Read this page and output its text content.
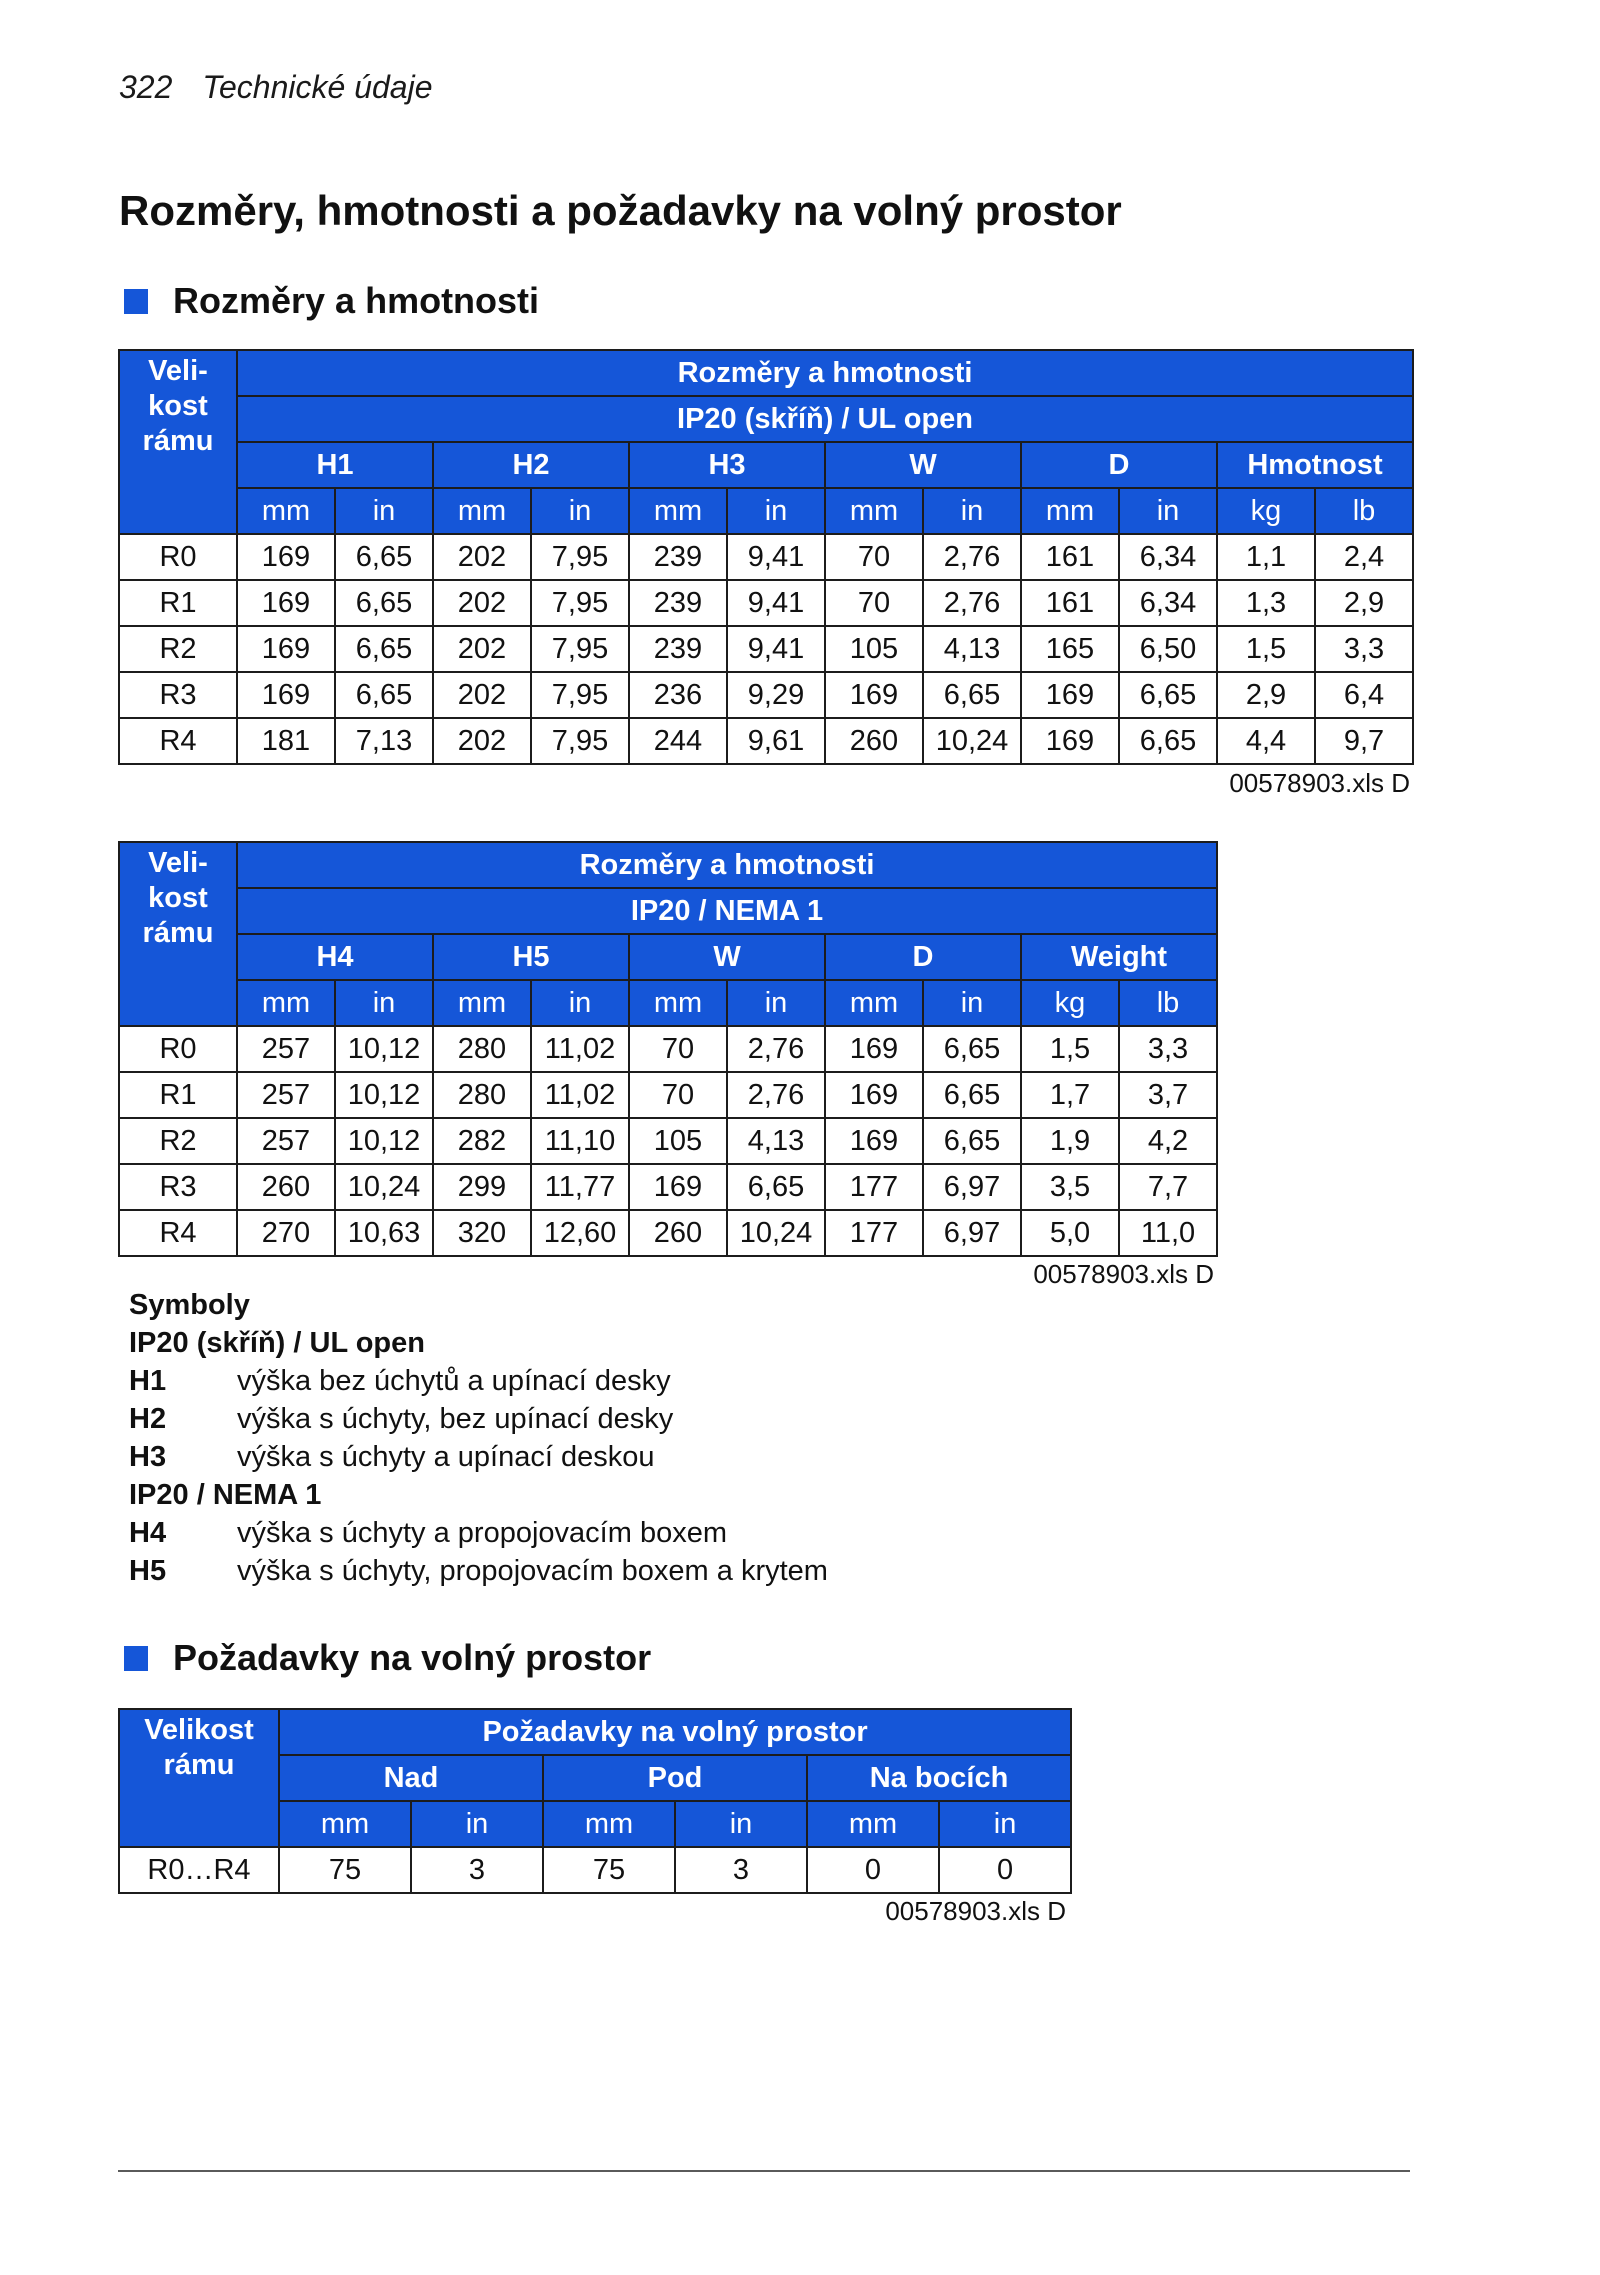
322 Technické údaje
Rozměry, hmotnosti a požadavky na volný prostor
Rozměry a hmotnosti
Veli-
kost
rámu	Rozměry a hmotnosti											
	IP20 (skříň) / UL open											
	H1		H2		H3		W		D		Hmotnost	
	mm	in	mm	in	mm	in	mm	in	mm	in	kg	lb
R0	169	6,65	202	7,95	239	9,41	70	2,76	161	6,34	1,1	2,4
R1	169	6,65	202	7,95	239	9,41	70	2,76	161	6,34	1,3	2,9
R2	169	6,65	202	7,95	239	9,41	105	4,13	165	6,50	1,5	3,3
R3	169	6,65	202	7,95	236	9,29	169	6,65	169	6,65	2,9	6,4
R4	181	7,13	202	7,95	244	9,61	260	10,24	169	6,65	4,4	9,7
00578903.xls D
Veli-
kost
rámu	Rozměry a hmotnosti									
	IP20 / NEMA 1									
	H4		H5		W		D		Weight	
	mm	in	mm	in	mm	in	mm	in	kg	lb
R0	257	10,12	280	11,02	70	2,76	169	6,65	1,5	3,3
R1	257	10,12	280	11,02	70	2,76	169	6,65	1,7	3,7
R2	257	10,12	282	11,10	105	4,13	169	6,65	1,9	4,2
R3	260	10,24	299	11,77	169	6,65	177	6,97	3,5	7,7
R4	270	10,63	320	12,60	260	10,24	177	6,97	5,0	11,0
00578903.xls D
Symboly
IP20 (skříň) / UL open
H1	výška bez úchytů a upínací desky
H2	výška s úchyty, bez upínací desky
H3	výška s úchyty a upínací deskou
IP20 / NEMA 1
H4	výška s úchyty a propojovacím boxem
H5	výška s úchyty, propojovacím boxem a krytem
Požadavky na volný prostor
Velikost
rámu	Požadavky na volný prostor					
	Nad		Pod		Na bocích	
	mm	in	mm	in	mm	in
R0…R4	75	3	75	3	0	0
00578903.xls D
